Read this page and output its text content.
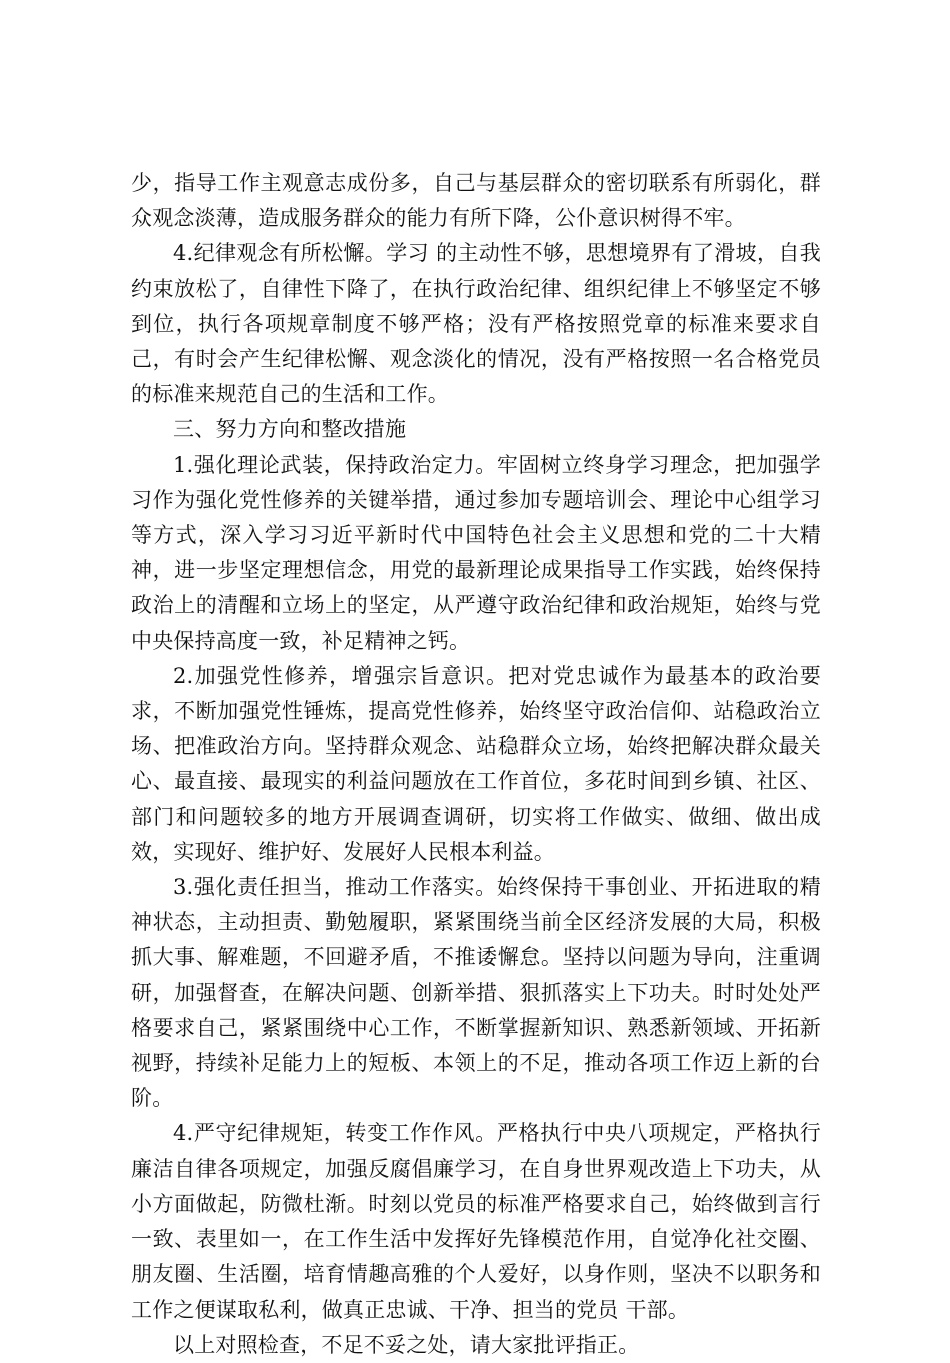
少，指导工作主观意志成份多，自己与基层群众的密切联系有所弱化，群众观念淡薄，造成服务群众的能力有所下降，公仆意识树得不牢。

4.纪律观念有所松懈。学习 的主动性不够，思想境界有了滑坡，自我约束放松了，自律性下降了，在执行政治纪律、组织纪律上不够坚定不够到位，执行各项规章制度不够严格；没有严格按照党章的标准来要求自己，有时会产生纪律松懈、观念淡化的情况，没有严格按照一名合格党员 的标准来规范自己的生活和工作。

三、努力方向和整改措施

1.强化理论武装，保持政治定力。牢固树立终身学习理念，把加强学习作为强化党性修养的关键举措，通过参加专题培训会、理论中心组学习等方式，深入学习习近平新时代中国特色社会主义思想和党的二十大精神，进一步坚定理想信念，用党的最新理论成果指导工作实践，始终保持政治上的清醒和立场上的坚定，从严遵守政治纪律和政治规矩，始终与党中央保持高度一致，补足精神之钙。

2.加强党性修养，增强宗旨意识。把对党忠诚作为最基本的政治要求，不断加强党性锤炼，提高党性修养，始终坚守政治信仰、站稳政治立场、把准政治方向。坚持群众观念、站稳群众立场，始终把解决群众最关心、最直接、最现实的利益问题放在工作首位，多花时间到乡镇、社区、部门和问题较多的地方开展调查调研，切实将工作做实、做细、做出成效，实现好、维护好、发展好人民根本利益。

3.强化责任担当，推动工作落实。始终保持干事创业、开拓进取的精神状态，主动担责、勤勉履职，紧紧围绕当前全区经济发展的大局，积极抓大事、解难题，不回避矛盾，不推诿懈怠。坚持以问题为导向，注重调研，加强督查，在解决问题、创新举措、狠抓落实上下功夫。时时处处严格要求自己，紧紧围绕中心工作，不断掌握新知识、熟悉新领域、开拓新视野，持续补足能力上的短板、本领上的不足，推动各项工作迈上新的台阶。

4.严守纪律规矩，转变工作作风。严格执行中央八项规定，严格执行廉洁自律各项规定，加强反腐倡廉学习，在自身世界观改造上下功夫，从小方面做起，防微杜渐。时刻以党员的标准严格要求自己，始终做到言行一致、表里如一，在工作生活中发挥好先锋模范作用，自觉净化社交圈、朋友圈、生活圈，培育情趣高雅的个人爱好，以身作则，坚决不以职务和工作之便谋取私利，做真正忠诚、干净、担当的党员 干部。

以上对照检查，不足不妥之处，请大家批评指正。
